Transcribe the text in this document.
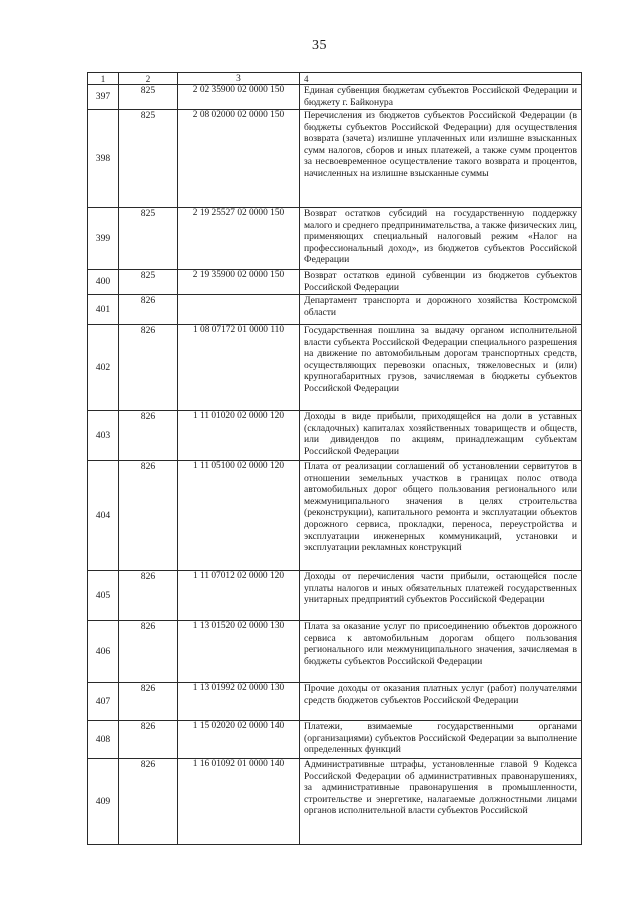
35
1	2	3	4
397	825	2 02 35900 02 0000 150	Единая субвенция бюджетам субъектов Российской Федерации и бюджету г. Байконура
398	825	2 08 02000 02 0000 150	Перечисления из бюджетов субъектов Российской Федерации (в бюджеты субъектов Российской Федерации) для осуществления возврата (зачета) излишне уплаченных или излишне взысканных сумм налогов, сборов и иных платежей, а также сумм процентов за несвоевременное осуществление такого возврата и процентов, начисленных на излишне взысканные суммы
399	825	2 19 25527 02 0000 150	Возврат остатков субсидий на государственную поддержку малого и среднего предпринимательства, а также физических лиц, применяющих специальный налоговый режим «Налог на профессиональный доход», из бюджетов субъектов Российской Федерации
400	825	2 19 35900 02 0000 150	Возврат остатков единой субвенции из бюджетов субъектов Российской Федерации
401	826		Департамент транспорта и дорожного хозяйства Костромской области
402	826	1 08 07172 01 0000 110	Государственная пошлина за выдачу органом исполнительной власти субъекта Российской Федерации специального разрешения на движение по автомобильным дорогам транспортных средств, осуществляющих перевозки опасных, тяжеловесных и (или) крупногабаритных грузов, зачисляемая в бюджеты субъектов Российской Федерации
403	826	1 11 01020 02 0000 120	Доходы в виде прибыли, приходящейся на доли в уставных (складочных) капиталах хозяйственных товариществ и обществ, или дивидендов по акциям, принадлежащим субъектам Российской Федерации
404	826	1 11 05100 02 0000 120	Плата от реализации соглашений об установлении сервитутов в отношении земельных участков в границах полос отвода автомобильных дорог общего пользования регионального или межмуниципального значения в целях строительства (реконструкции), капитального ремонта и эксплуатации объектов дорожного сервиса, прокладки, переноса, переустройства и эксплуатации инженерных коммуникаций, установки и эксплуатации рекламных конструкций
405	826	1 11 07012 02 0000 120	Доходы от перечисления части прибыли, остающейся после уплаты налогов и иных обязательных платежей государственных унитарных предприятий субъектов Российской Федерации
406	826	1 13 01520 02 0000 130	Плата за оказание услуг по присоединению объектов дорожного сервиса к автомобильным дорогам общего пользования регионального или межмуниципального значения, зачисляемая в бюджеты субъектов Российской Федерации
407	826	1 13 01992 02 0000 130	Прочие доходы от оказания платных услуг (работ) получателями средств бюджетов субъектов Российской Федерации
408	826	1 15 02020 02 0000 140	Платежи, взимаемые государственными органами (организациями) субъектов Российской Федерации за выполнение определенных функций
409	826	1 16 01092 01 0000 140	Административные штрафы, установленные главой 9 Кодекса Российской Федерации об административных правонарушениях, за административные правонарушения в промышленности, строительстве и энергетике, налагаемые должностными лицами органов исполнительной власти субъектов Российской
